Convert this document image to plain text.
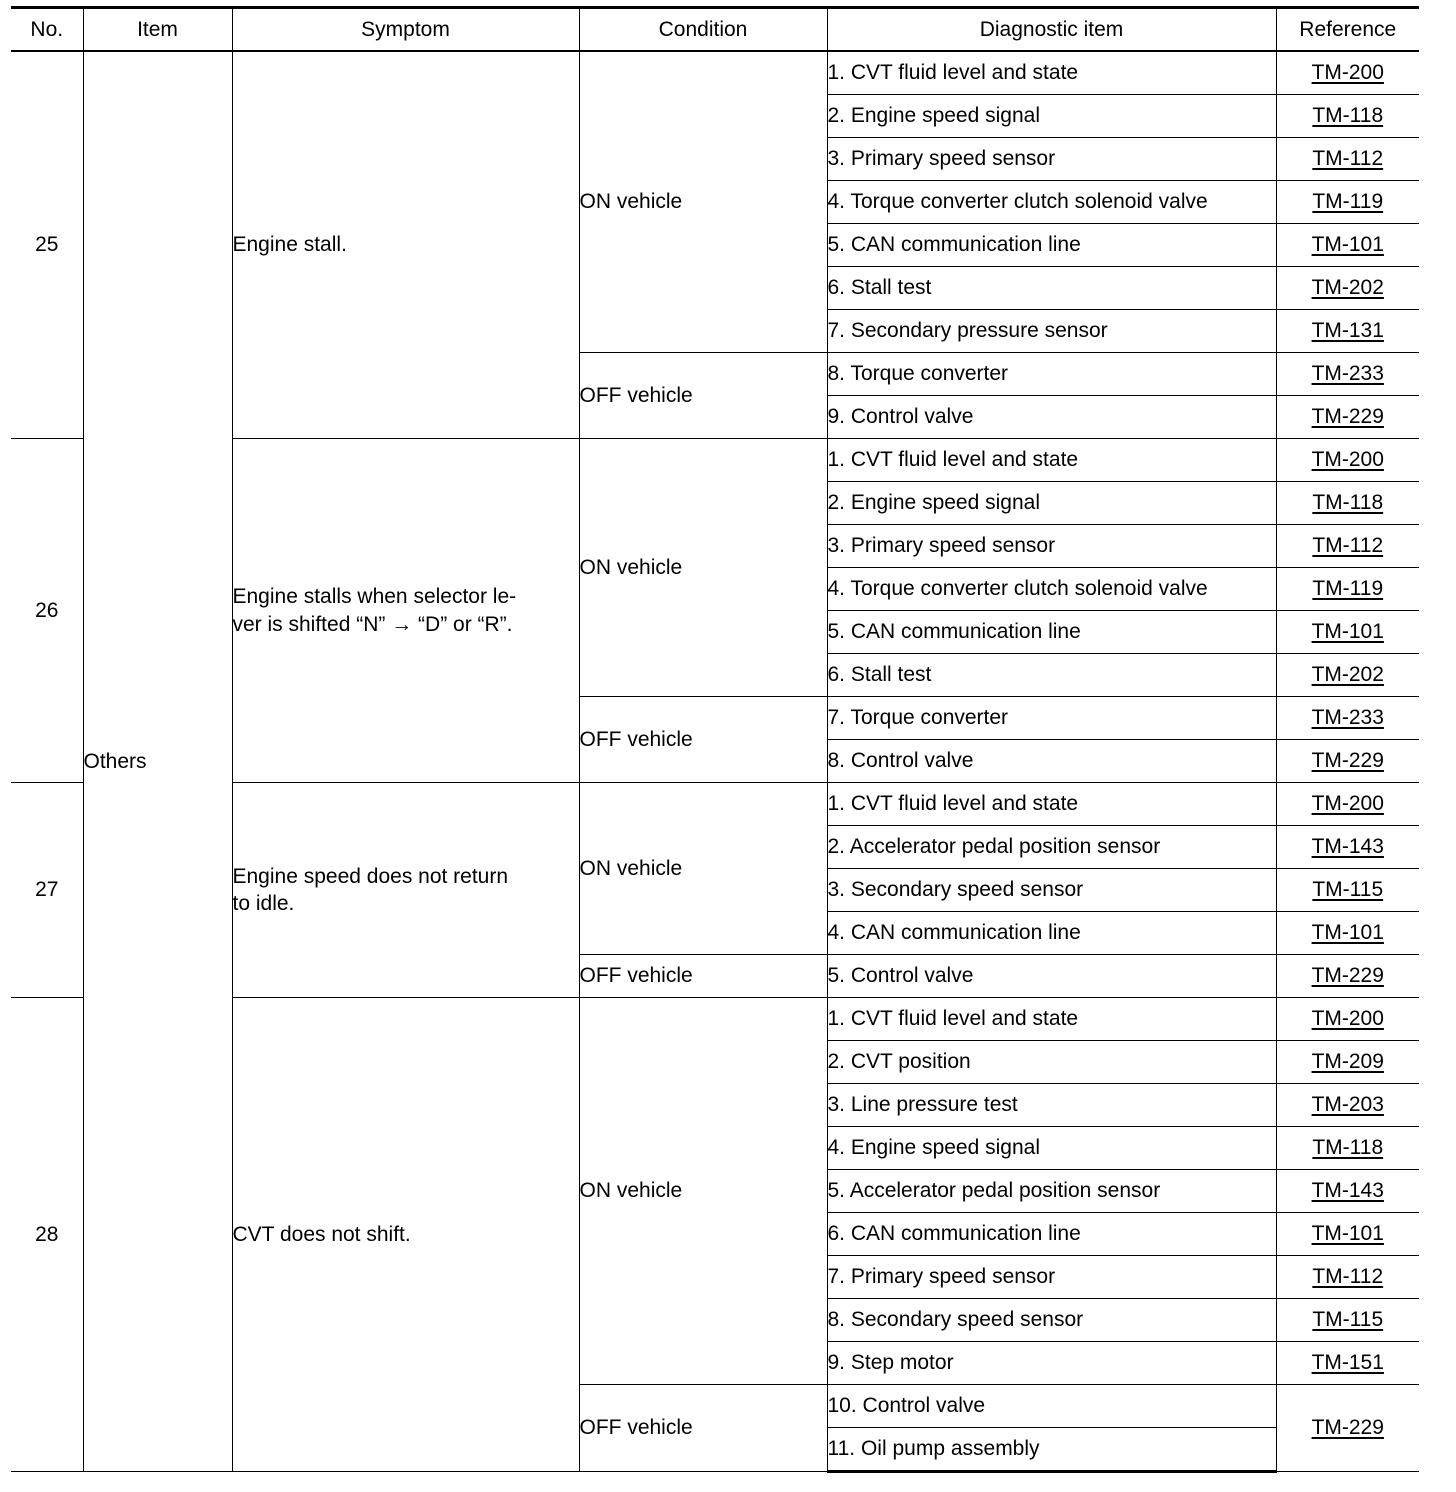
No.	Item	Symptom	Condition	Diagnostic item	Reference
25	Others	Engine stall.	ON vehicle	1. CVT fluid level and state	TM-200
				2. Engine speed signal	TM-118
				3. Primary speed sensor	TM-112
				4. Torque converter clutch solenoid valve	TM-119
				5. CAN communication line	TM-101
				6. Stall test	TM-202
				7. Secondary pressure sensor	TM-131
			OFF vehicle	8. Torque converter	TM-233
				9. Control valve	TM-229
26		Engine stalls when selector le-
ver is shifted “N” → “D” or “R”.	ON vehicle	1. CVT fluid level and state	TM-200
				2. Engine speed signal	TM-118
				3. Primary speed sensor	TM-112
				4. Torque converter clutch solenoid valve	TM-119
				5. CAN communication line	TM-101
				6. Stall test	TM-202
			OFF vehicle	7. Torque converter	TM-233
				8. Control valve	TM-229
27		Engine speed does not return
to idle.	ON vehicle	1. CVT fluid level and state	TM-200
				2. Accelerator pedal position sensor	TM-143
				3. Secondary speed sensor	TM-115
				4. CAN communication line	TM-101
			OFF vehicle	5. Control valve	TM-229
28		CVT does not shift.	ON vehicle	1. CVT fluid level and state	TM-200
				2. CVT position	TM-209
				3. Line pressure test	TM-203
				4. Engine speed signal	TM-118
				5. Accelerator pedal position sensor	TM-143
				6. CAN communication line	TM-101
				7. Primary speed sensor	TM-112
				8. Secondary speed sensor	TM-115
				9. Step motor	TM-151
			OFF vehicle	10. Control valve	TM-229
				11. Oil pump assembly	
